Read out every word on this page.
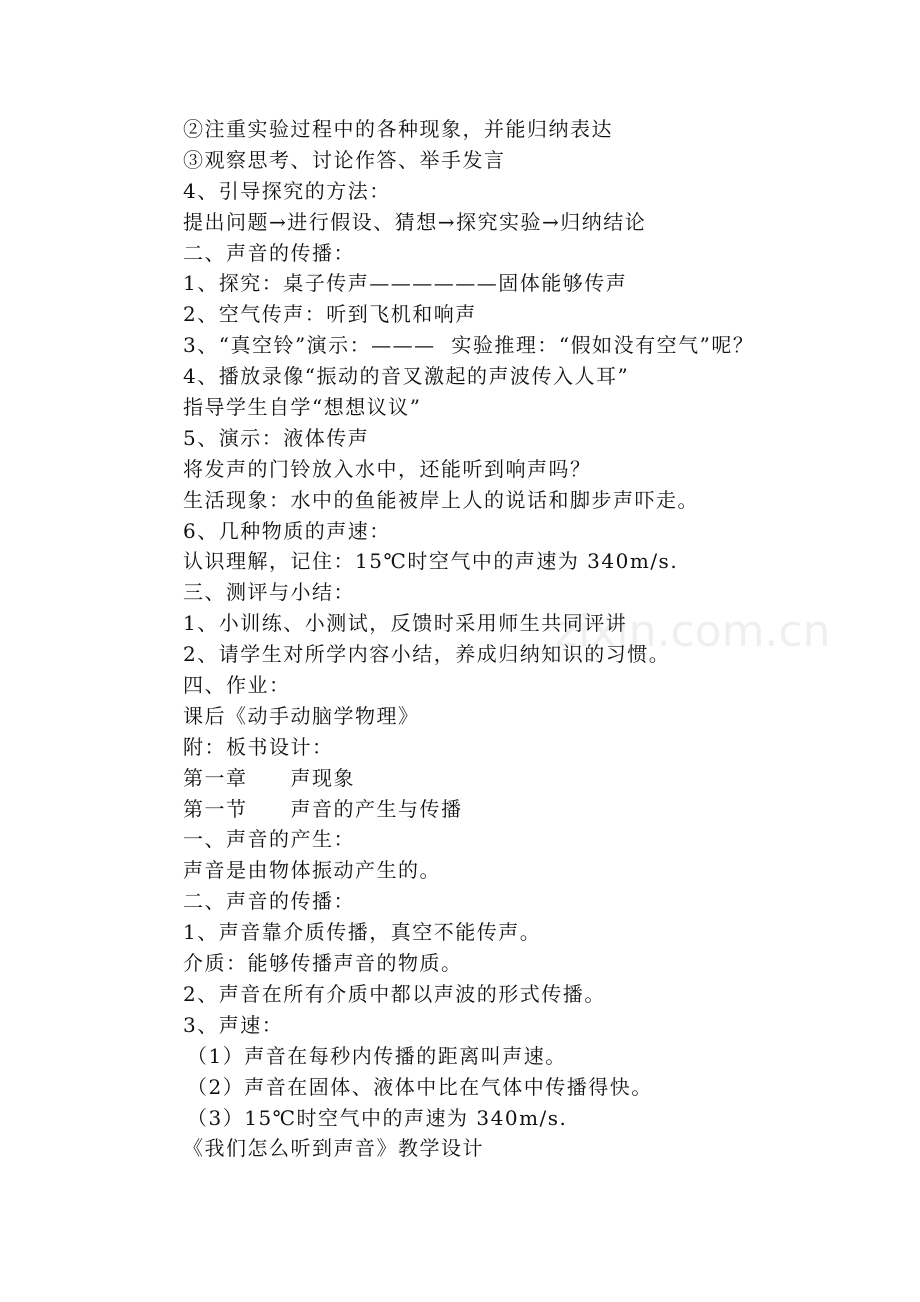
zixin.com.cn
②注重实验过程中的各种现象，并能归纳表达
③观察思考、讨论作答、举手发言
4、引导探究的方法：
提出问题→进行假设、猜想→探究实验→归纳结论
二、声音的传播：
1、探究：桌子传声——————固体能够传声
2、空气传声：听到飞机和响声
3、“真空铃”演示：———  实验推理：“假如没有空气”呢？
4、播放录像“振动的音叉激起的声波传入人耳”
指导学生自学“想想议议”
5、演示：液体传声
将发声的门铃放入水中，还能听到响声吗？
生活现象：水中的鱼能被岸上人的说话和脚步声吓走。
6、几种物质的声速：
认识理解，记住：15℃时空气中的声速为 340m/s.
三、测评与小结：
1、小训练、小测试，反馈时采用师生共同评讲
2、请学生对所学内容小结，养成归纳知识的习惯。
四、作业：
课后《动手动脑学物理》
附：板书设计：
第一章　　声现象
第一节　　声音的产生与传播
一、声音的产生：
声音是由物体振动产生的。
二、声音的传播：
1、声音靠介质传播，真空不能传声。
介质：能够传播声音的物质。
2、声音在所有介质中都以声波的形式传播。
3、声速：
（1）声音在每秒内传播的距离叫声速。
（2）声音在固体、液体中比在气体中传播得快。
（3）15℃时空气中的声速为 340m/s.
《我们怎么听到声音》教学设计
